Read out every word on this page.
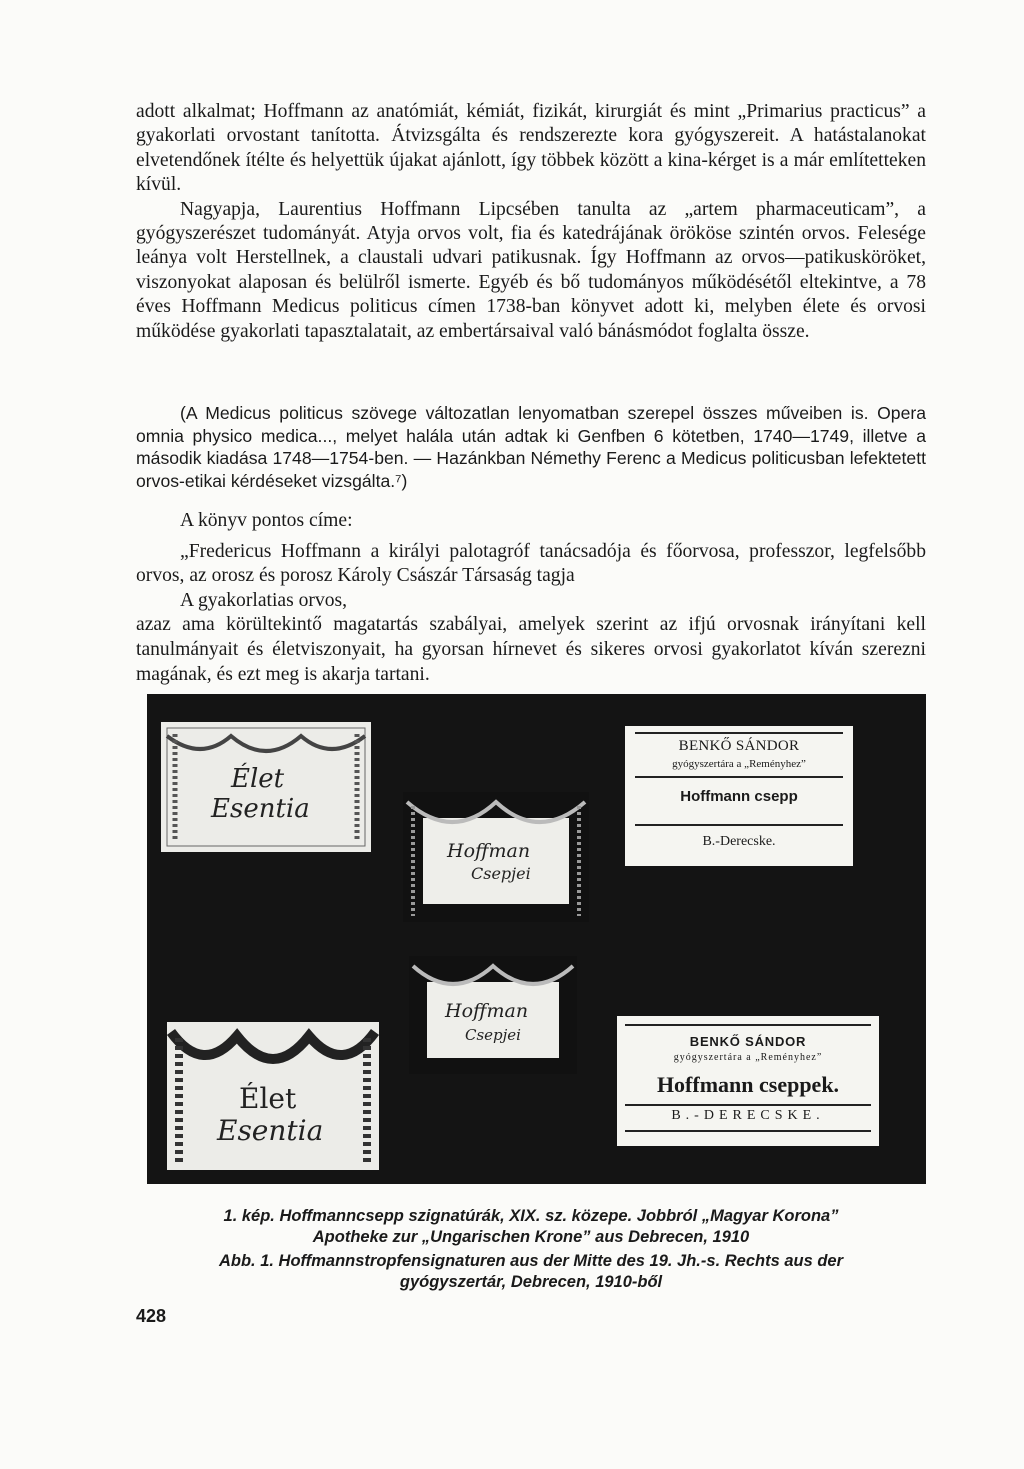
adott alkalmat; Hoffmann az anatómiát, kémiát, fizikát, kirurgiát és mint „Primarius practicus” a gyakorlati orvostant tanította. Átvizsgálta és rendszerezte kora gyógyszereit. A hatástalanokat elvetendőnek ítélte és helyettük újakat ajánlott, így többek között a kina-kérget is a már említetteken kívül.

Nagyapja, Laurentius Hoffmann Lipcsében tanulta az „artem pharmaceuticam”, a gyógyszerészet tudományát. Atyja orvos volt, fia és katedrájának örököse szintén orvos. Felesége leánya volt Herstellnek, a claustali udvari patikusnak. Így Hoffmann az orvos—patikusköröket, viszonyokat alaposan és belülről ismerte. Egyéb és bő tudományos működésétől eltekintve, a 78 éves Hoffmann Medicus politicus címen 1738-ban könyvet adott ki, melyben élete és orvosi működése gyakorlati tapasztalatait, az embertársaival való bánásmódot foglalta össze.

(A Medicus politicus szövege változatlan lenyomatban szerepel összes műveiben is. Opera omnia physico medica..., melyet halála után adtak ki Genfben 6 kötetben, 1740—1749, illetve a második kiadása 1748—1754-ben. — Hazánkban Némethy Ferenc a Medicus politicusban lefektetett orvos-etikai kérdéseket vizsgálta.⁷)

A könyv pontos címe:

„Fredericus Hoffmann a királyi palotagróf tanácsadója és főorvosa, professzor, legfelsőbb orvos, az orosz és porosz Károly Császár Társaság tagja

A gyakorlatias orvos,

azaz ama körültekintő magatartás szabályai, amelyek szerint az ifjú orvosnak irányítani kell tanulmányait és életviszonyait, ha gyorsan hírnevet és sikeres orvosi gyakorlatot kíván szerezni magának, és ezt meg is akarja tartani.

Élet
Esentia
Hoffman
Csepjei
Hoffman
Csepjei
Élet
Esentia
BENKŐ SÁNDOR
gyógyszertára a „Reményhez”
Hoffmann csepp
B.-Derecske.
BENKŐ SÁNDOR
gyógyszertára a „Reményhez”
Hoffmann cseppek.
B.-DERECSKE.

1. kép. Hoffmanncsepp szignatúrák, XIX. sz. közepe. Jobbról „Magyar Korona”

Apotheke zur „Ungarischen Krone” aus Debrecen, 1910

Abb. 1. Hoffmannstropfensignaturen aus der Mitte des 19. Jh.-s. Rechts aus der

gyógyszertár, Debrecen, 1910-ből

428
